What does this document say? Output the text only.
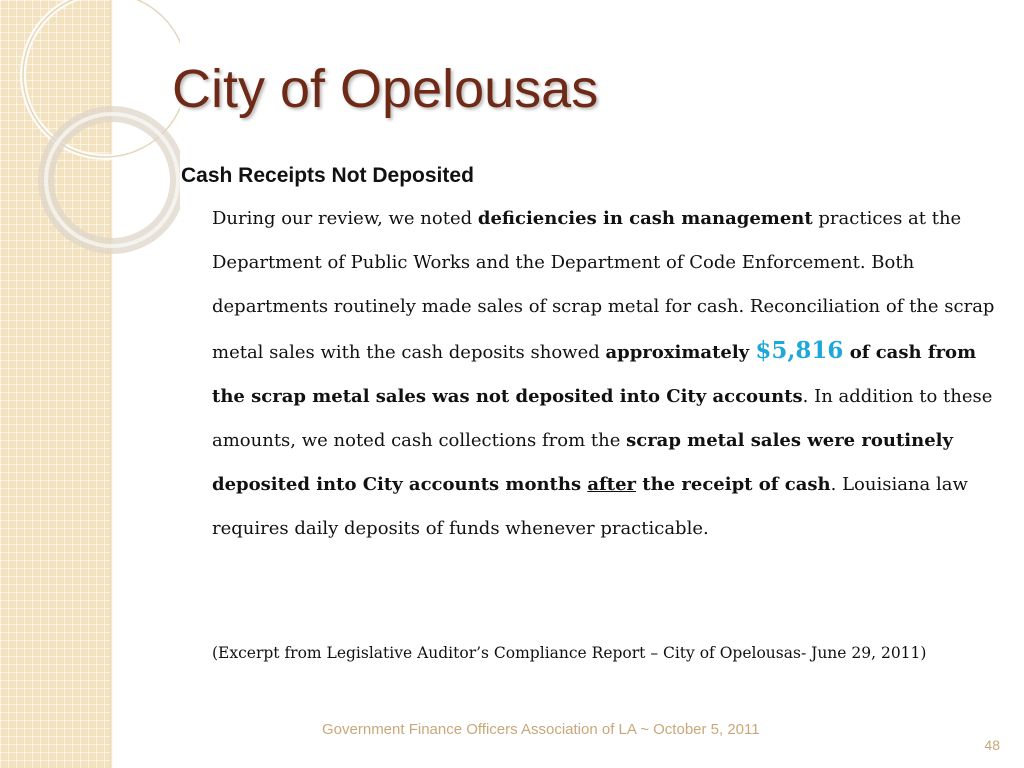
City of Opelousas
Cash Receipts Not Deposited

During our review, we noted deficiencies in cash management practices at the Department of Public Works and the Department of Code Enforcement. Both departments routinely made sales of scrap metal for cash. Reconciliation of the scrap metal sales with the cash deposits showed approximately $5,816 of cash from the scrap metal sales was not deposited into City accounts. In addition to these amounts, we noted cash collections from the scrap metal sales were routinely deposited into City accounts months after the receipt of cash. Louisiana law requires daily deposits of funds whenever practicable.

(Excerpt from Legislative Auditor’s Compliance Report – City of Opelousas- June 29, 2011)

Government Finance Officers Association of LA ~ October 5, 2011

48
